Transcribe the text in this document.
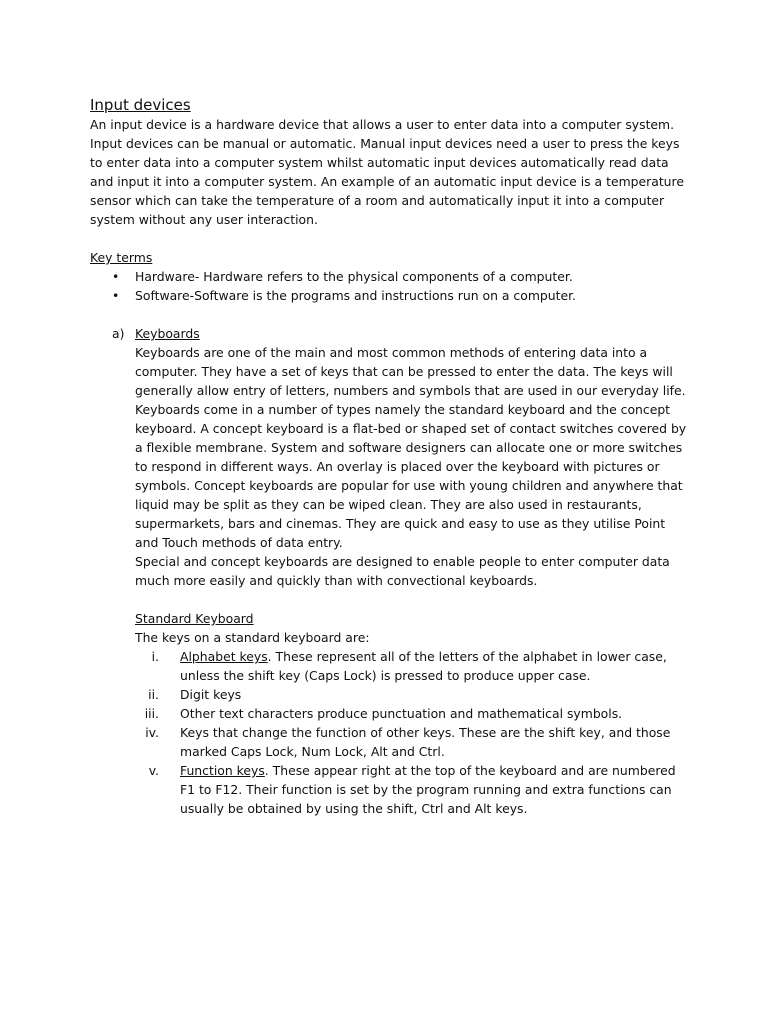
Input devices

An input device is a hardware device that allows a user to enter data into a computer system. Input devices can be manual or automatic. Manual input devices need a user to press the keys to enter data into a computer system whilst automatic input devices automatically read data and input it into a computer system. An example of an automatic input device is a temperature sensor which can take the temperature of a room and automatically input it into a computer system without any user interaction.

Key terms

• Hardware- Hardware refers to the physical components of a computer.
• Software-Software is the programs and instructions run on a computer.
a) Keyboards

Keyboards are one of the main and most common methods of entering data into a computer. They have a set of keys that can be pressed to enter the data. The keys will generally allow entry of letters, numbers and symbols that are used in our everyday life. Keyboards come in a number of types namely the standard keyboard and the concept keyboard. A concept keyboard is a flat-bed or shaped set of contact switches covered by a flexible membrane. System and software designers can allocate one or more switches to respond in different ways. An overlay is placed over the keyboard with pictures or symbols. Concept keyboards are popular for use with young children and anywhere that liquid may be split as they can be wiped clean. They are also used in restaurants, supermarkets, bars and cinemas. They are quick and easy to use as they utilise Point and Touch methods of data entry.

Special and concept keyboards are designed to enable people to enter computer data much more easily and quickly than with convectional keyboards.

Standard Keyboard

The keys on a standard keyboard are:

i. Alphabet keys. These represent all of the letters of the alphabet in lower case, unless the shift key (Caps Lock) is pressed to produce upper case.
ii. Digit keys
iii. Other text characters produce punctuation and mathematical symbols.
iv. Keys that change the function of other keys. These are the shift key, and those marked Caps Lock, Num Lock, Alt and Ctrl.
v. Function keys. These appear right at the top of the keyboard and are numbered F1 to F12. Their function is set by the program running and extra functions can usually be obtained by using the shift, Ctrl and Alt keys.
